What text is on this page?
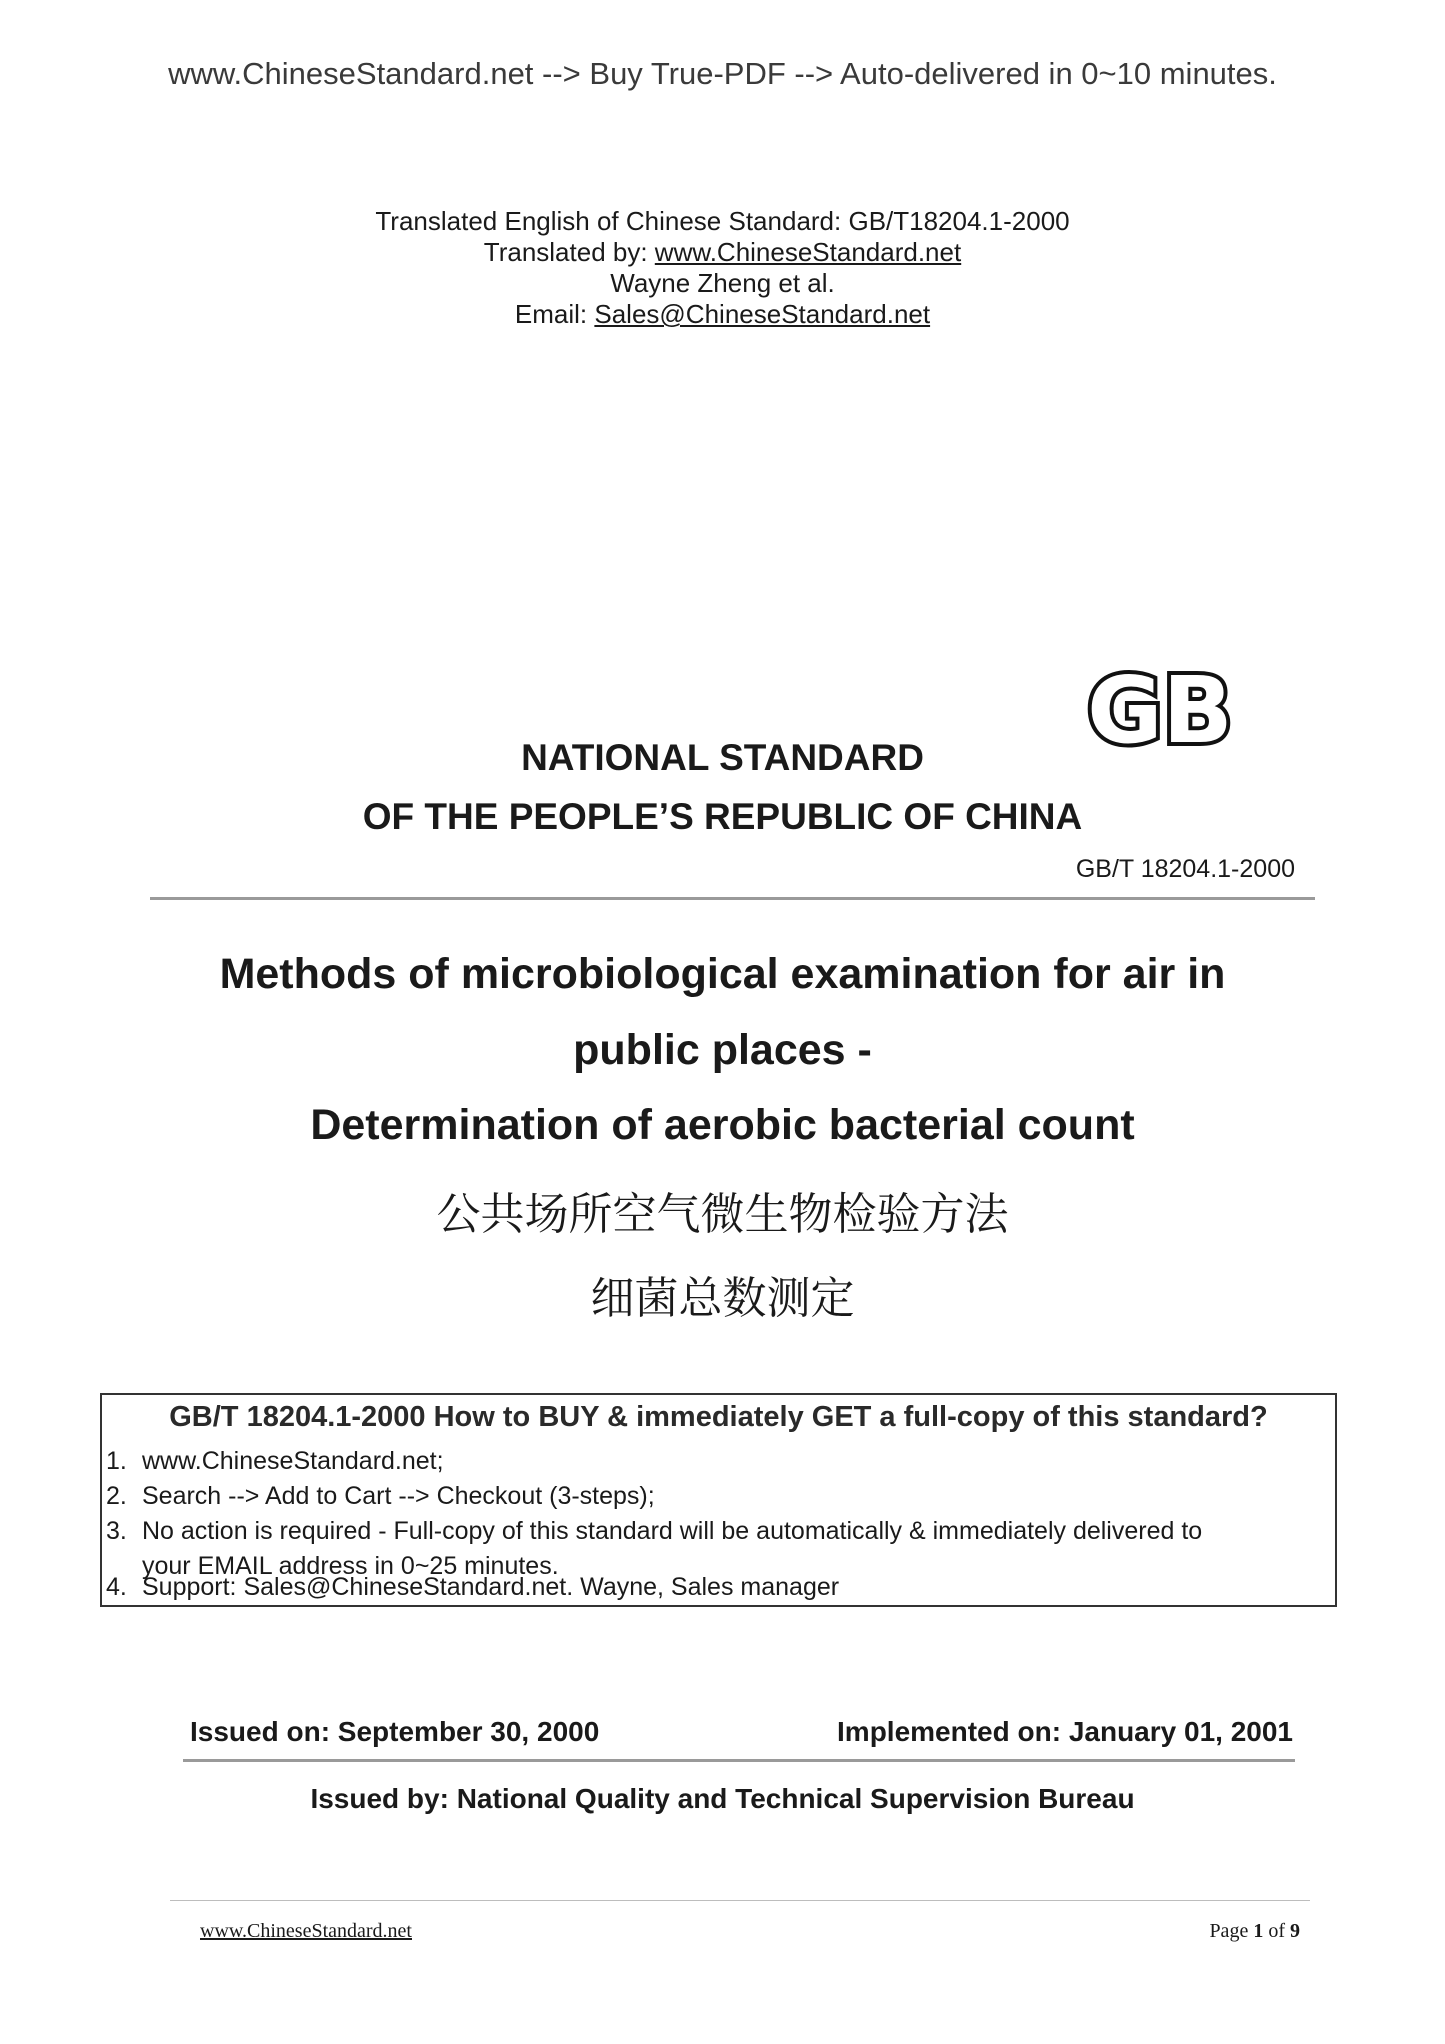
www.ChineseStandard.net --> Buy True-PDF --> Auto-delivered in 0~10 minutes.
Translated English of Chinese Standard: GB/T18204.1-2000
Translated by: www.ChineseStandard.net
Wayne Zheng et al.
Email: Sales@ChineseStandard.net
GB
NATIONAL STANDARD
OF THE PEOPLE’S REPUBLIC OF CHINA
GB/T 18204.1-2000
Methods of microbiological examination for air in
public places -
Determination of aerobic bacterial count
公共场所空气微生物检验方法
细菌总数测定
GB/T 18204.1-2000 How to BUY & immediately GET a full-copy of this standard?
1. www.ChineseStandard.net;
2. Search --> Add to Cart --> Checkout (3-steps);
3. No action is required - Full-copy of this standard will be automatically & immediately delivered to
your EMAIL address in 0~25 minutes.
4. Support: Sales@ChineseStandard.net. Wayne, Sales manager
Issued on: September 30, 2000	Implemented on: January 01, 2001
Issued by: National Quality and Technical Supervision Bureau
www.ChineseStandard.net	Page 1 of 9
